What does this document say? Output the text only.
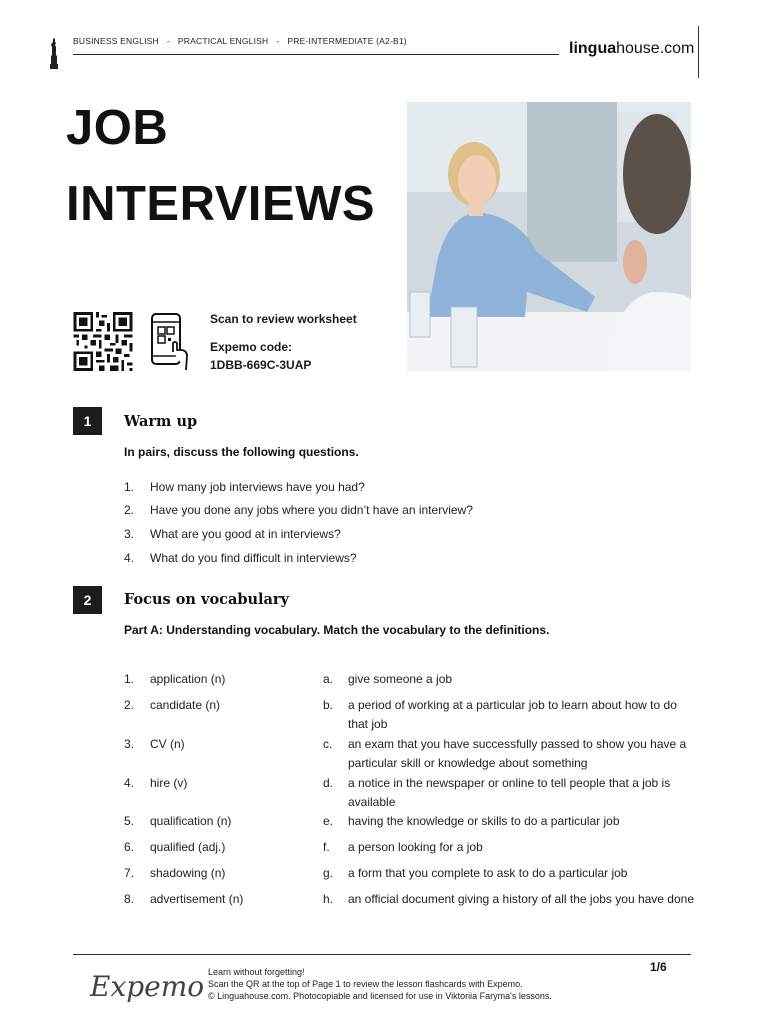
BUSINESS ENGLISH - PRACTICAL ENGLISH - PRE-INTERMEDIATE (A2-B1)	linguahouse.com
JOB
INTERVIEWS
Scan to review worksheet
Expemo code:
1DBB-669C-3UAP
1	Warm up
In pairs, discuss the following questions.
1. How many job interviews have you had?
2. Have you done any jobs where you didn’t have an interview?
3. What are you good at in interviews?
4. What do you find difficult in interviews?
2	Focus on vocabulary
Part A: Understanding vocabulary. Match the vocabulary to the definitions.
1. application (n)	a. give someone a job
2. candidate (n)	b. a period of working at a particular job to learn about how to do that job
3. CV (n)	c. an exam that you have successfully passed to show you have a particular skill or knowledge about something
4. hire (v)	d. a notice in the newspaper or online to tell people that a job is available
5. qualification (n)	e. having the knowledge or skills to do a particular job
6. qualified (adj.)	f. a person looking for a job
7. shadowing (n)	g. a form that you complete to ask to do a particular job
8. advertisement (n)	h. an official document giving a history of all the jobs you have done
Expemo Learn without forgetting!
Scan the QR at the top of Page 1 to review the lesson flashcards with Expemo.
© Linguahouse.com. Photocopiable and licensed for use in Viktoriia Faryma's lessons.
1/6
